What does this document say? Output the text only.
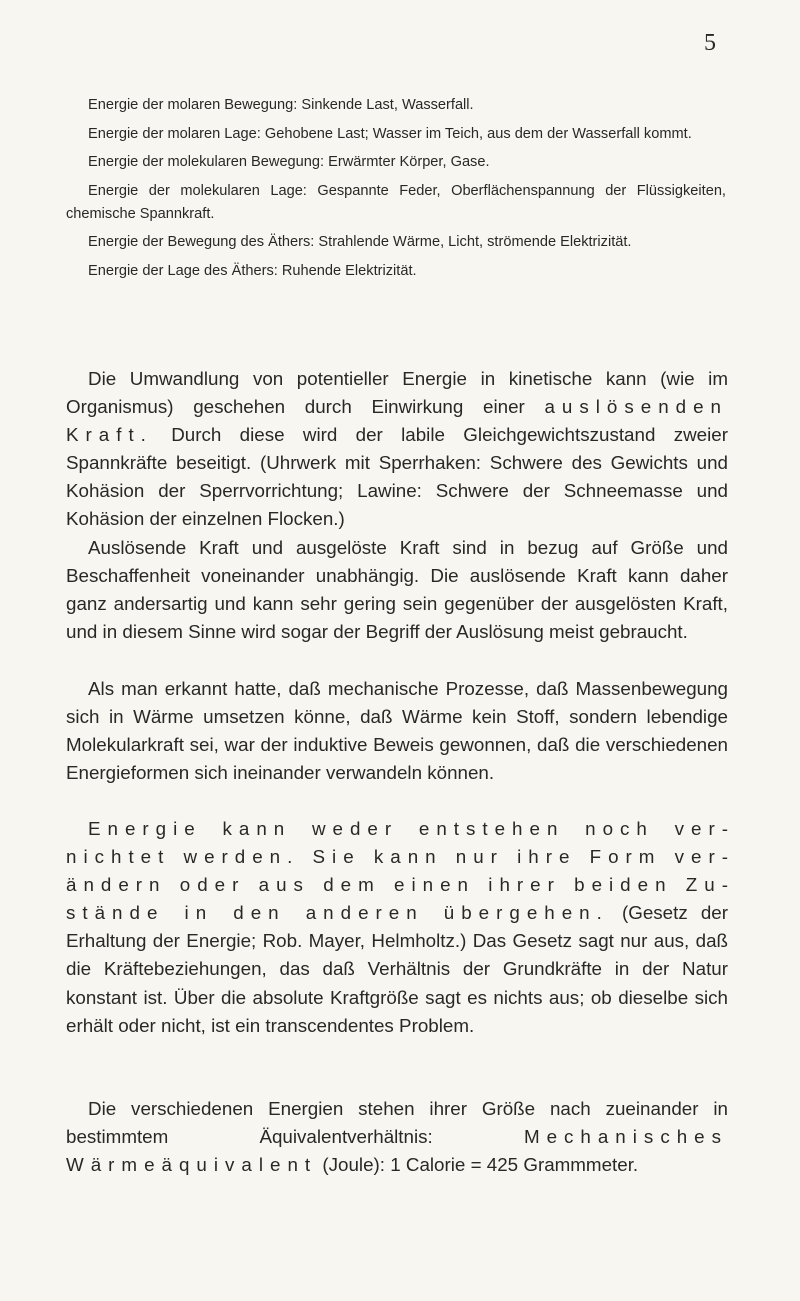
5

Energie der molaren Bewegung: Sinkende Last, Wasserfall.

Energie der molaren Lage: Gehobene Last; Wasser im Teich, aus dem der Wasserfall kommt.

Energie der molekularen Bewegung: Erwärmter Körper, Gase.

Energie der molekularen Lage: Gespannte Feder, Oberflächenspannung der Flüssigkeiten, chemische Spannkraft.

Energie der Bewegung des Äthers: Strahlende Wärme, Licht, strömende Elektrizität.

Energie der Lage des Äthers: Ruhende Elektrizität.

Die Umwandlung von potentieller Energie in kinetische kann (wie im Organismus) geschehen durch Einwirkung einer auslösenden Kraft. Durch diese wird der labile Gleichgewichtszustand zweier Spannkräfte beseitigt. (Uhrwerk mit Sperrhaken: Schwere des Gewichts und Kohäsion der Sperrvorrichtung; Lawine: Schwere der Schneemasse und Kohäsion der einzelnen Flocken.)

Auslösende Kraft und ausgelöste Kraft sind in bezug auf Größe und Beschaffenheit voneinander unabhängig. Die auslösende Kraft kann daher ganz andersartig und kann sehr gering sein gegenüber der ausgelösten Kraft, und in diesem Sinne wird sogar der Begriff der Auslösung meist gebraucht.

Als man erkannt hatte, daß mechanische Prozesse, daß Massenbewegung sich in Wärme umsetzen könne, daß Wärme kein Stoff, sondern lebendige Molekularkraft sei, war der induktive Beweis gewonnen, daß die verschiedenen Energieformen sich ineinander verwandeln können.

Energie kann weder entstehen noch vernichtet werden. Sie kann nur ihre Form verändern oder aus dem einen ihrer beiden Zustände in den anderen übergehen. (Gesetz der Erhaltung der Energie; Rob. Mayer, Helmholtz.) Das Gesetz sagt nur aus, daß die Kräftebeziehungen, das daß Verhältnis der Grundkräfte in der Natur konstant ist. Über die absolute Kraftgröße sagt es nichts aus; ob dieselbe sich erhält oder nicht, ist ein transcendentes Problem.

Die verschiedenen Energien stehen ihrer Größe nach zueinander in bestimmtem Äquivalentverhältnis: Mechanisches Wärmeäquivalent (Joule): 1 Calorie = 425 Grammmeter.
